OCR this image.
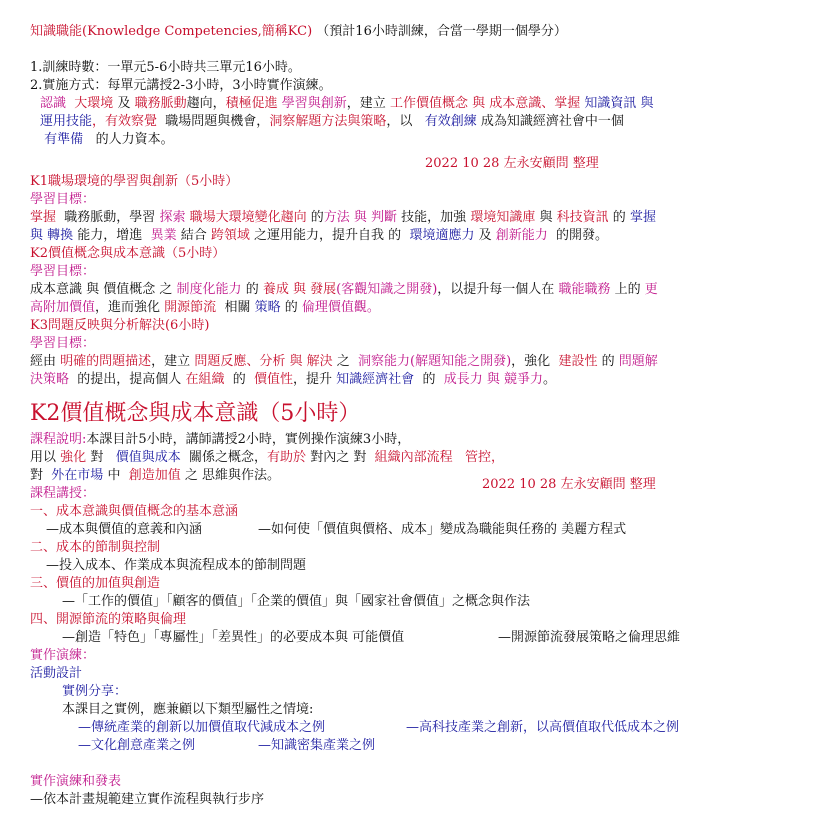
知識職能(Knowledge Competencies,簡稱KC) （預計16小時訓練，合當一學期一個學分）
1.訓練時數：一單元5-6小時共三單元16小時。
2.實施方式：每單元講授2-3小時，3小時實作演練。
認識 大環境 及 職務脈動趨向，積極促進 學習與創新，建立 工作價值概念 與 成本意識、掌握 知識資訊 與
運用技能，有效察覺 職場問題與機會，洞察解題方法與策略，以 有效創練 成為知識經濟社會中一個
有準備 的人力資本。
2022 10 28 左永安顧問 整理
K1職場環境的學習與創新（5小時）
學習目標：
掌握 職務脈動，學習 探索 職場大環境變化趨向 的方法 與 判斷 技能，加強 環境知識庫 與 科技資訊 的 掌握
與 轉換 能力，增進 異業 結合 跨領域 之運用能力，提升自我 的 環境適應力 及 創新能力 的開發。
K2價值概念與成本意識（5小時）
學習目標：
成本意識 與 價值概念 之 制度化能力 的 養成 與 發展(客觀知識之開發)，以提升每一個人在 職能職務 上的 更
高附加價值，進而強化 開源節流 相關 策略 的 倫理價值觀。
K3問題反映與分析解決(6小時)
學習目標：
經由 明確的問題描述，建立 問題反應、分析 與 解決 之 洞察能力(解題知能之開發)，強化 建設性 的 問題解
決策略 的提出，提高個人 在組織 的 價值性，提升 知識經濟社會 的 成長力 與 競爭力。
K2價值概念與成本意識（5小時）
課程說明:本課目計5小時，講師講授2小時，實例操作演練3小時，
用以 強化 對 價值與成本 關係之概念，有助於 對內之 對 組織內部流程 管控，
對 外在市場 中 創造加值 之 思維與作法。
2022 10 28 左永安顧問 整理
課程講授：
一、成本意識與價值概念的基本意涵
—成本與價值的意義和內涵	—如何使「價值與價格、成本」變成為職能與任務的 美麗方程式
二、成本的節制與控制
—投入成本、作業成本與流程成本的節制問題
三、價值的加值與創造
—「工作的價值」「顧客的價值」「企業的價值」與「國家社會價值」之概念與作法
四、開源節流的策略與倫理
—創造「特色」「專屬性」「差異性」的必要成本與 可能價值	—開源節流發展策略之倫理思維
實作演練：
活動設計
實例分享：
本課目之實例，應兼顧以下類型屬性之情境:
—傳統產業的創新以加價值取代減成本之例	—高科技產業之創新，以高價值取代低成本之例
—文化創意產業之例	—知識密集產業之例
實作演練和發表
—依本計畫規範建立實作流程與執行步序
